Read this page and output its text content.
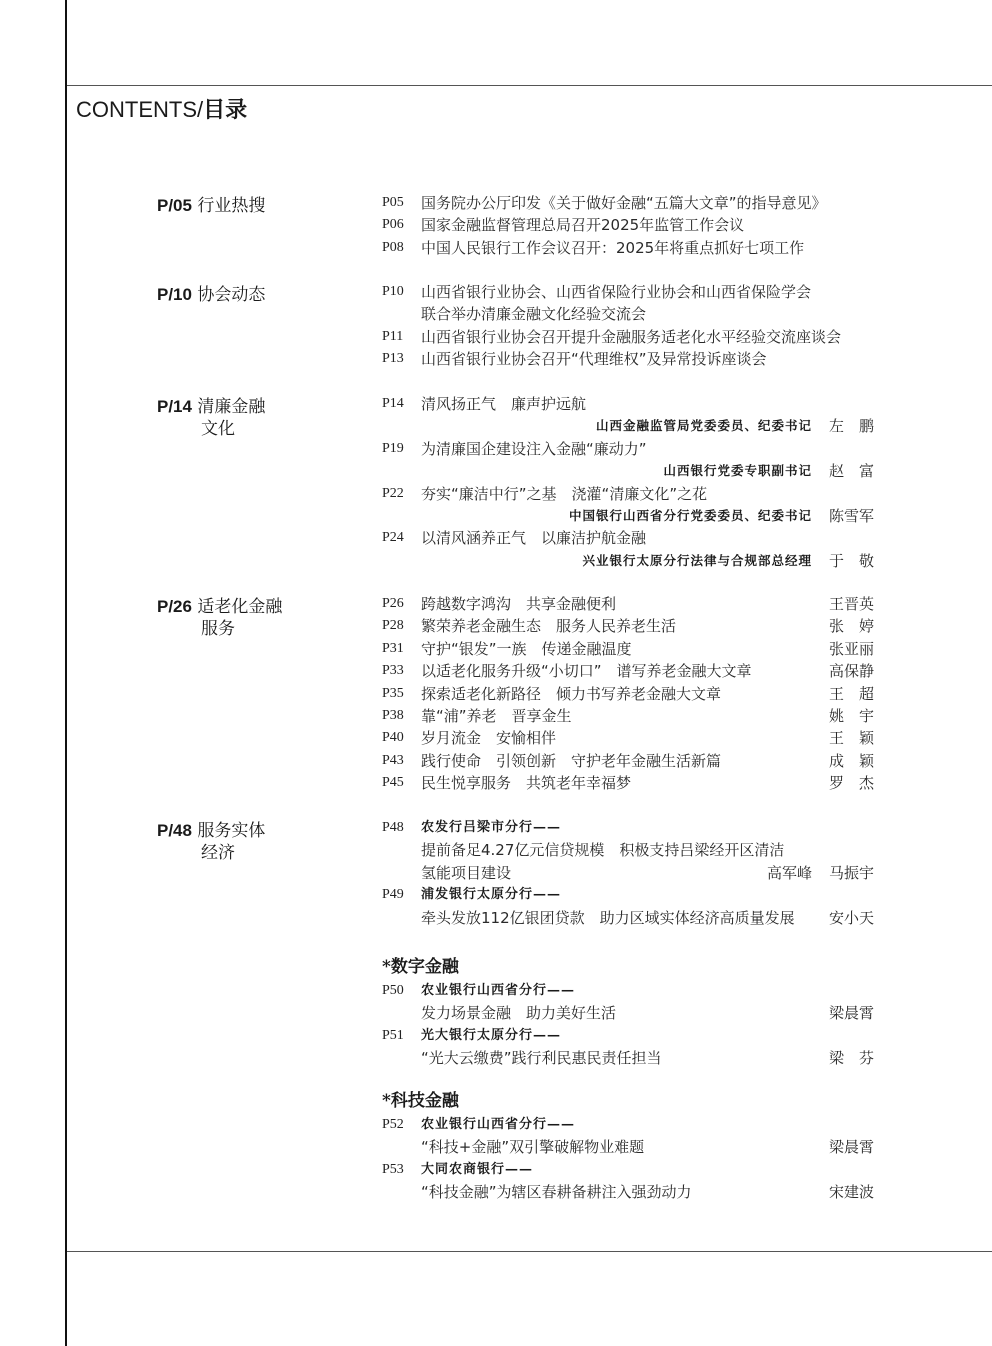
CONTENTS/目录
P/05 行业热搜	P05 国务院办公厅印发《关于做好金融“五篇大文章”的指导意见》
P06 国家金融监督管理总局召开2025年监管工作会议
P08 中国人民银行工作会议召开：2025年将重点抓好七项工作
P/10 协会动态	P10 山西省银行业协会、山西省保险行业协会和山西省保险学会
联合举办清廉金融文化经验交流会
P11 山西省银行业协会召开提升金融服务适老化水平经验交流座谈会
P13 山西省银行业协会召开“代理维权”及异常投诉座谈会
P/14 清廉金融
文化
P14 清风扬正气　廉声护远航
山西金融监管局党委委员、纪委书记 左　鹏
P19 为清廉国企建设注入金融“廉动力”
山西银行党委专职副书记 赵　富
P22 夯实“廉洁中行”之基　浇灌“清廉文化”之花
中国银行山西省分行党委委员、纪委书记 陈雪军
P24 以清风涵养正气　以廉洁护航金融
兴业银行太原分行法律与合规部总经理 于　敬
P/26 适老化金融
服务
P26 跨越数字鸿沟　共享金融便利	王晋英
P28 繁荣养老金融生态　服务人民养老生活	张　婷
P31 守护“银发”一族　传递金融温度	张亚丽
P33 以适老化服务升级“小切口”　谱写养老金融大文章	高保静
P35 探索适老化新路径　倾力书写养老金融大文章	王　超
P38 靠“浦”养老　晋享金生	姚　宇
P40 岁月流金　安愉相伴	王　颖
P43 践行使命　引领创新　守护老年金融生活新篇	成　颖
P45 民生悦享服务　共筑老年幸福梦	罗　杰
P/48 服务实体
经济
P48 农发行吕梁市分行——
提前备足4.27亿元信贷规模　积极支持吕梁经开区清洁
氢能项目建设	高军峰 马振宇
P49 浦发银行太原分行——
牵头发放112亿银团贷款　助力区域实体经济高质量发展 安小天
*数字金融
P50 农业银行山西省分行——
发力场景金融　助力美好生活	梁晨霄
P51 光大银行太原分行——
“光大云缴费”践行利民惠民责任担当	梁　芬
*科技金融
P52 农业银行山西省分行——
“科技+金融”双引擎破解物业难题	梁晨霄
P53 大同农商银行——
“科技金融”为辖区春耕备耕注入强劲动力	宋建波
